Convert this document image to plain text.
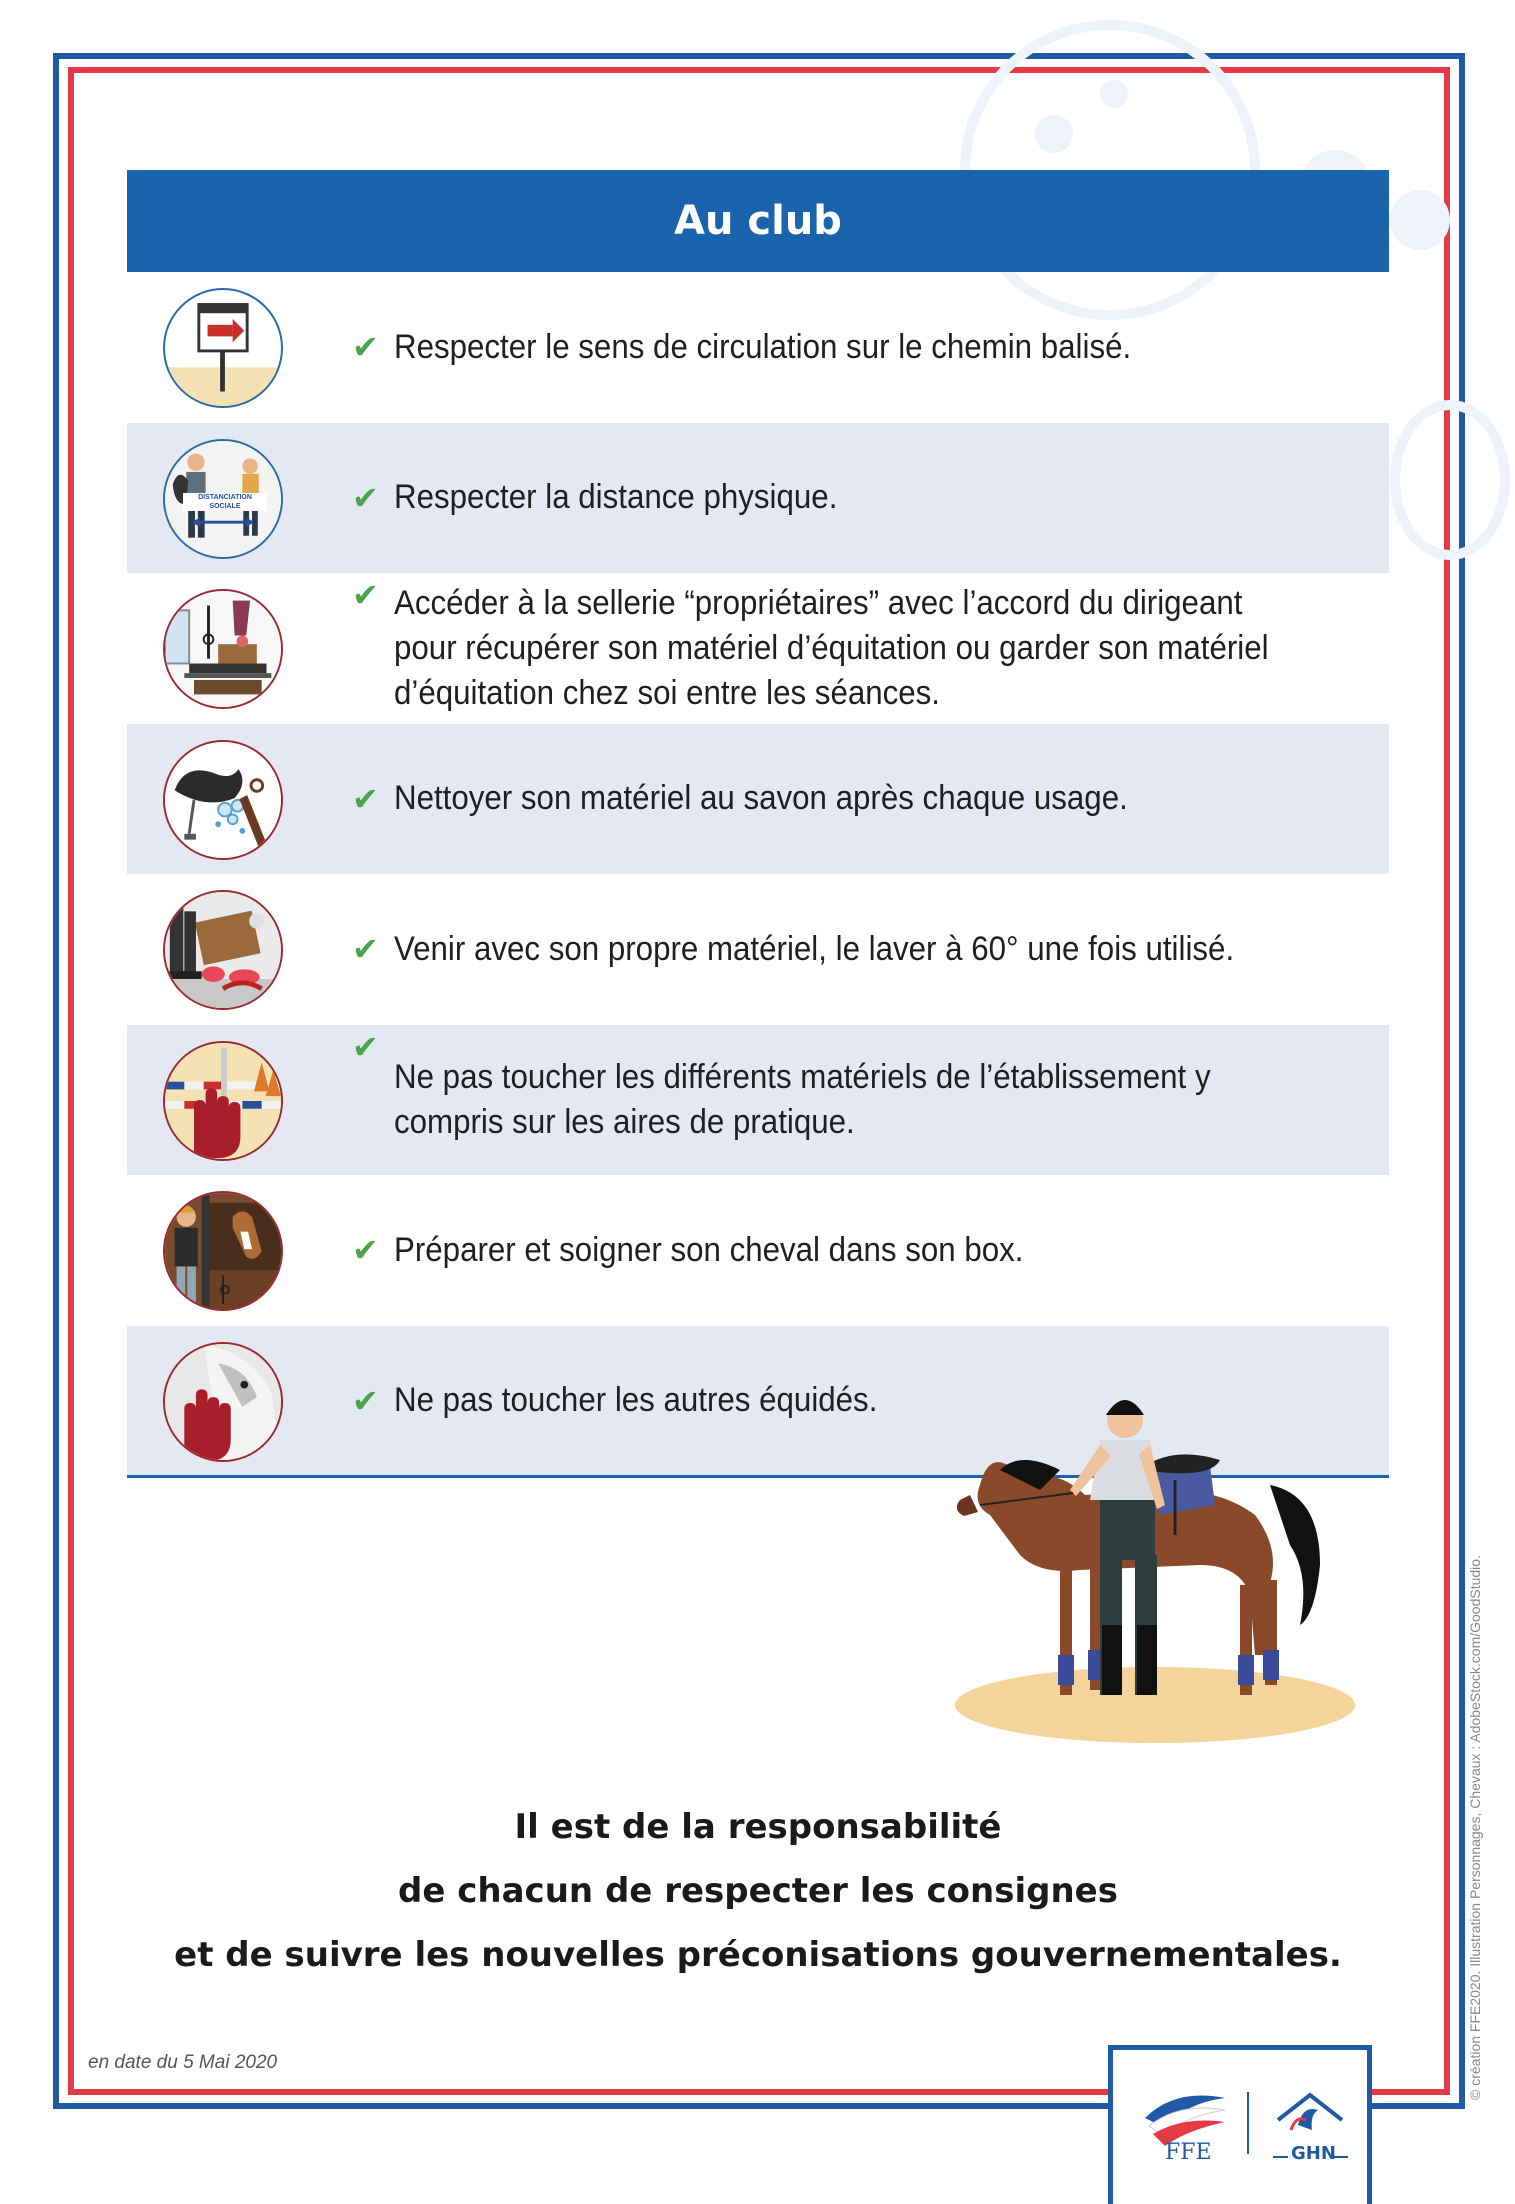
Au club
✔ Respecter le sens de circulation sur le chemin balisé.
DISTANCIATION SOCIALE	✔ Respecter la distance physique.
✔ Accéder à la sellerie “propriétaires” avec l’accord du dirigeant
pour récupérer son matériel d’équitation ou garder son matériel
d’équitation chez soi entre les séances.
✔ Nettoyer son matériel au savon après chaque usage.
✔ Venir avec son propre matériel, le laver à 60° une fois utilisé.
✔
Ne pas toucher les différents matériels de l’établissement y
compris sur les aires de pratique.
✔ Préparer et soigner son cheval dans son box.
✔ Ne pas toucher les autres équidés.
Il est de la responsabilité
de chacun de respecter les consignes
et de suivre les nouvelles préconisations gouvernementales.
en date du 5 Mai 2020	© création FFE2020. Illustration Personnages, Chevaux : AdobeStock.com/GoodStudio.
FFE	GHN
